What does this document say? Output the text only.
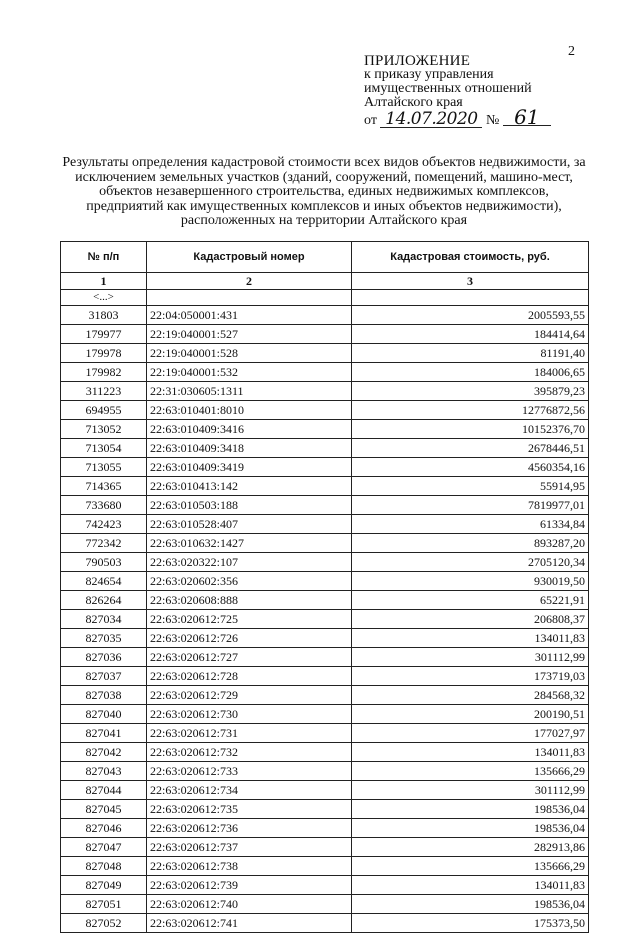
2
ПРИЛОЖЕНИЕ
к приказу управления
имущественных отношений
Алтайского края
от 14.07.2020 № 61
Результаты определения кадастровой стоимости всех видов объектов недвижимости, за исключением земельных участков (зданий, сооружений, помещений, машино-мест, объектов незавершенного строительства, единых недвижимых комплексов, предприятий как имущественных комплексов и иных объектов недвижимости), расположенных на территории Алтайского края
№ п/п	Кадастровый номер	Кадастровая стоимость, руб.
1	2	3
<...>		
31803	22:04:050001:431	2005593,55
179977	22:19:040001:527	184414,64
179978	22:19:040001:528	81191,40
179982	22:19:040001:532	184006,65
311223	22:31:030605:1311	395879,23
694955	22:63:010401:8010	12776872,56
713052	22:63:010409:3416	10152376,70
713054	22:63:010409:3418	2678446,51
713055	22:63:010409:3419	4560354,16
714365	22:63:010413:142	55914,95
733680	22:63:010503:188	7819977,01
742423	22:63:010528:407	61334,84
772342	22:63:010632:1427	893287,20
790503	22:63:020322:107	2705120,34
824654	22:63:020602:356	930019,50
826264	22:63:020608:888	65221,91
827034	22:63:020612:725	206808,37
827035	22:63:020612:726	134011,83
827036	22:63:020612:727	301112,99
827037	22:63:020612:728	173719,03
827038	22:63:020612:729	284568,32
827040	22:63:020612:730	200190,51
827041	22:63:020612:731	177027,97
827042	22:63:020612:732	134011,83
827043	22:63:020612:733	135666,29
827044	22:63:020612:734	301112,99
827045	22:63:020612:735	198536,04
827046	22:63:020612:736	198536,04
827047	22:63:020612:737	282913,86
827048	22:63:020612:738	135666,29
827049	22:63:020612:739	134011,83
827051	22:63:020612:740	198536,04
827052	22:63:020612:741	175373,50
